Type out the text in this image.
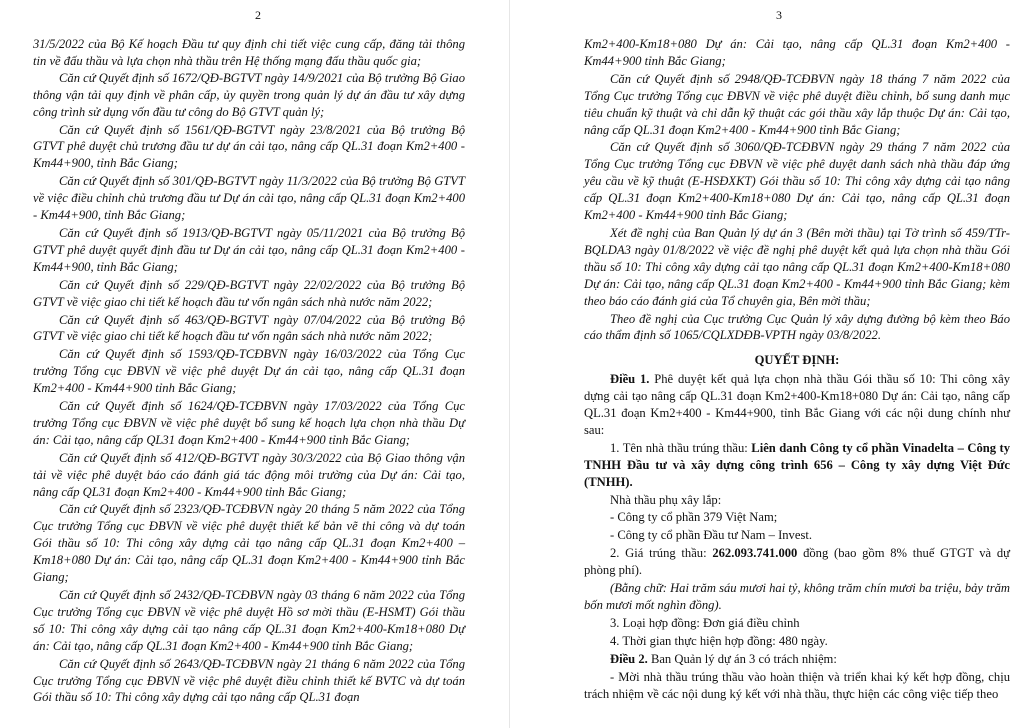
2

31/5/2022 của Bộ Kế hoạch Đầu tư quy định chi tiết việc cung cấp, đăng tải thông tin về đấu thầu và lựa chọn nhà thầu trên Hệ thống mạng đấu thầu quốc gia;

Căn cứ Quyết định số 1672/QĐ-BGTVT ngày 14/9/2021 của Bộ trưởng Bộ Giao thông vận tải quy định về phân cấp, ủy quyền trong quản lý dự án đầu tư xây dựng công trình sử dụng vốn đầu tư công do Bộ GTVT quản lý;

Căn cứ Quyết định số 1561/QĐ-BGTVT ngày 23/8/2021 của Bộ trưởng Bộ GTVT phê duyệt chủ trương đầu tư dự án cải tạo, nâng cấp QL.31 đoạn Km2+400 - Km44+900, tỉnh Bắc Giang;

Căn cứ Quyết định số 301/QĐ-BGTVT ngày 11/3/2022 của Bộ trưởng Bộ GTVT về việc điều chỉnh chủ trương đầu tư Dự án cải tạo, nâng cấp QL.31 đoạn Km2+400 - Km44+900, tỉnh Bắc Giang;

Căn cứ Quyết định số 1913/QĐ-BGTVT ngày 05/11/2021 của Bộ trưởng Bộ GTVT phê duyệt quyết định đầu tư Dự án cải tạo, nâng cấp QL.31 đoạn Km2+400 - Km44+900, tỉnh Bắc Giang;

Căn cứ Quyết định số 229/QĐ-BGTVT ngày 22/02/2022 của Bộ trưởng Bộ GTVT về việc giao chi tiết kế hoạch đầu tư vốn ngân sách nhà nước năm 2022;

Căn cứ Quyết định số 463/QĐ-BGTVT ngày 07/04/2022 của Bộ trưởng Bộ GTVT về việc giao chi tiết kế hoạch đầu tư vốn ngân sách nhà nước năm 2022;

Căn cứ Quyết định số 1593/QĐ-TCĐBVN ngày 16/03/2022 của Tổng Cục trưởng Tổng cục ĐBVN về việc phê duyệt Dự án cải tạo, nâng cấp QL.31 đoạn Km2+400 - Km44+900 tỉnh Bắc Giang;

Căn cứ Quyết định số 1624/QĐ-TCĐBVN ngày 17/03/2022 của Tổng Cục trưởng Tổng cục ĐBVN về việc phê duyệt bổ sung kế hoạch lựa chọn nhà thầu Dự án: Cải tạo, nâng cấp QL31 đoạn Km2+400 - Km44+900 tỉnh Bắc Giang;

Căn cứ Quyết định số 412/QĐ-BGTVT ngày 30/3/2022 của Bộ Giao thông vận tải về việc phê duyệt báo cáo đánh giá tác động môi trường của Dự án: Cải tạo, nâng cấp QL31 đoạn Km2+400 - Km44+900 tỉnh Bắc Giang;

Căn cứ Quyết định số 2323/QĐ-TCĐBVN ngày 20 tháng 5 năm 2022 của Tổng Cục trưởng Tổng cục ĐBVN về việc phê duyệt thiết kế bản vẽ thi công và dự toán Gói thầu số 10: Thi công xây dựng cải tạo nâng cấp QL.31 đoạn Km2+400 – Km18+080 Dự án: Cải tạo, nâng cấp QL.31 đoạn Km2+400 - Km44+900 tỉnh Bắc Giang;

Căn cứ Quyết định số 2432/QĐ-TCĐBVN ngày 03 tháng 6 năm 2022 của Tổng Cục trưởng Tổng cục ĐBVN về việc phê duyệt Hồ sơ mời thầu (E-HSMT) Gói thầu số 10: Thi công xây dựng cải tạo nâng cấp QL.31 đoạn Km2+400-Km18+080 Dự án: Cải tạo, nâng cấp QL.31 đoạn Km2+400 - Km44+900 tỉnh Bắc Giang;

Căn cứ Quyết định số 2643/QĐ-TCĐBVN ngày 21 tháng 6 năm 2022 của Tổng Cục trưởng Tổng cục ĐBVN về việc phê duyệt điều chỉnh thiết kế BVTC và dự toán Gói thầu số 10: Thi công xây dựng cải tạo nâng cấp QL.31 đoạn

3

Km2+400-Km18+080 Dự án: Cải tạo, nâng cấp QL.31 đoạn Km2+400 - Km44+900 tỉnh Bắc Giang;

Căn cứ Quyết định số 2948/QĐ-TCĐBVN ngày 18 tháng 7 năm 2022 của Tổng Cục trưởng Tổng cục ĐBVN về việc phê duyệt điều chỉnh, bổ sung danh mục tiêu chuẩn kỹ thuật và chỉ dẫn kỹ thuật các gói thầu xây lắp thuộc Dự án: Cải tạo, nâng cấp QL.31 đoạn Km2+400 - Km44+900 tỉnh Bắc Giang;

Căn cứ Quyết định số 3060/QĐ-TCĐBVN ngày 29 tháng 7 năm 2022 của Tổng Cục trưởng Tổng cục ĐBVN về việc phê duyệt danh sách nhà thầu đáp ứng yêu cầu về kỹ thuật (E-HSĐXKT) Gói thầu số 10: Thi công xây dựng cải tạo nâng cấp QL.31 đoạn Km2+400-Km18+080 Dự án: Cải tạo, nâng cấp QL.31 đoạn Km2+400 - Km44+900 tỉnh Bắc Giang;

Xét đề nghị của Ban Quản lý dự án 3 (Bên mời thầu) tại Tờ trình số 459/TTr-BQLDA3 ngày 01/8/2022 về việc đề nghị phê duyệt kết quả lựa chọn nhà thầu Gói thầu số 10: Thi công xây dựng cải tạo nâng cấp QL.31 đoạn Km2+400-Km18+080 Dự án: Cải tạo, nâng cấp QL.31 đoạn Km2+400 - Km44+900 tỉnh Bắc Giang; kèm theo báo cáo đánh giá của Tổ chuyên gia, Bên mời thầu;

Theo đề nghị của Cục trưởng Cục Quản lý xây dựng đường bộ kèm theo Báo cáo thẩm định số 1065/CQLXDĐB-VPTH ngày 03/8/2022.

QUYẾT ĐỊNH:

Điều 1. Phê duyệt kết quả lựa chọn nhà thầu Gói thầu số 10: Thi công xây dựng cải tạo nâng cấp QL.31 đoạn Km2+400-Km18+080 Dự án: Cải tạo, nâng cấp QL.31 đoạn Km2+400 - Km44+900, tỉnh Bắc Giang với các nội dung chính như sau:

1. Tên nhà thầu trúng thầu: Liên danh Công ty cổ phần Vinadelta – Công ty TNHH Đầu tư và xây dựng công trình 656 – Công ty xây dựng Việt Đức (TNHH).

Nhà thầu phụ xây lắp:

- Công ty cổ phần 379 Việt Nam;

- Công ty cổ phần Đầu tư Nam – Invest.

2. Giá trúng thầu: 262.093.741.000 đồng (bao gồm 8% thuế GTGT và dự phòng phí).

(Bằng chữ: Hai trăm sáu mươi hai tỷ, không trăm chín mươi ba triệu, bảy trăm bốn mươi mốt nghìn đồng).

3. Loại hợp đồng: Đơn giá điều chỉnh

4. Thời gian thực hiện hợp đồng: 480 ngày.

Điều 2. Ban Quản lý dự án 3 có trách nhiệm:

- Mời nhà thầu trúng thầu vào hoàn thiện và triển khai ký kết hợp đồng, chịu trách nhiệm về các nội dung ký kết với nhà thầu, thực hiện các công việc tiếp theo
